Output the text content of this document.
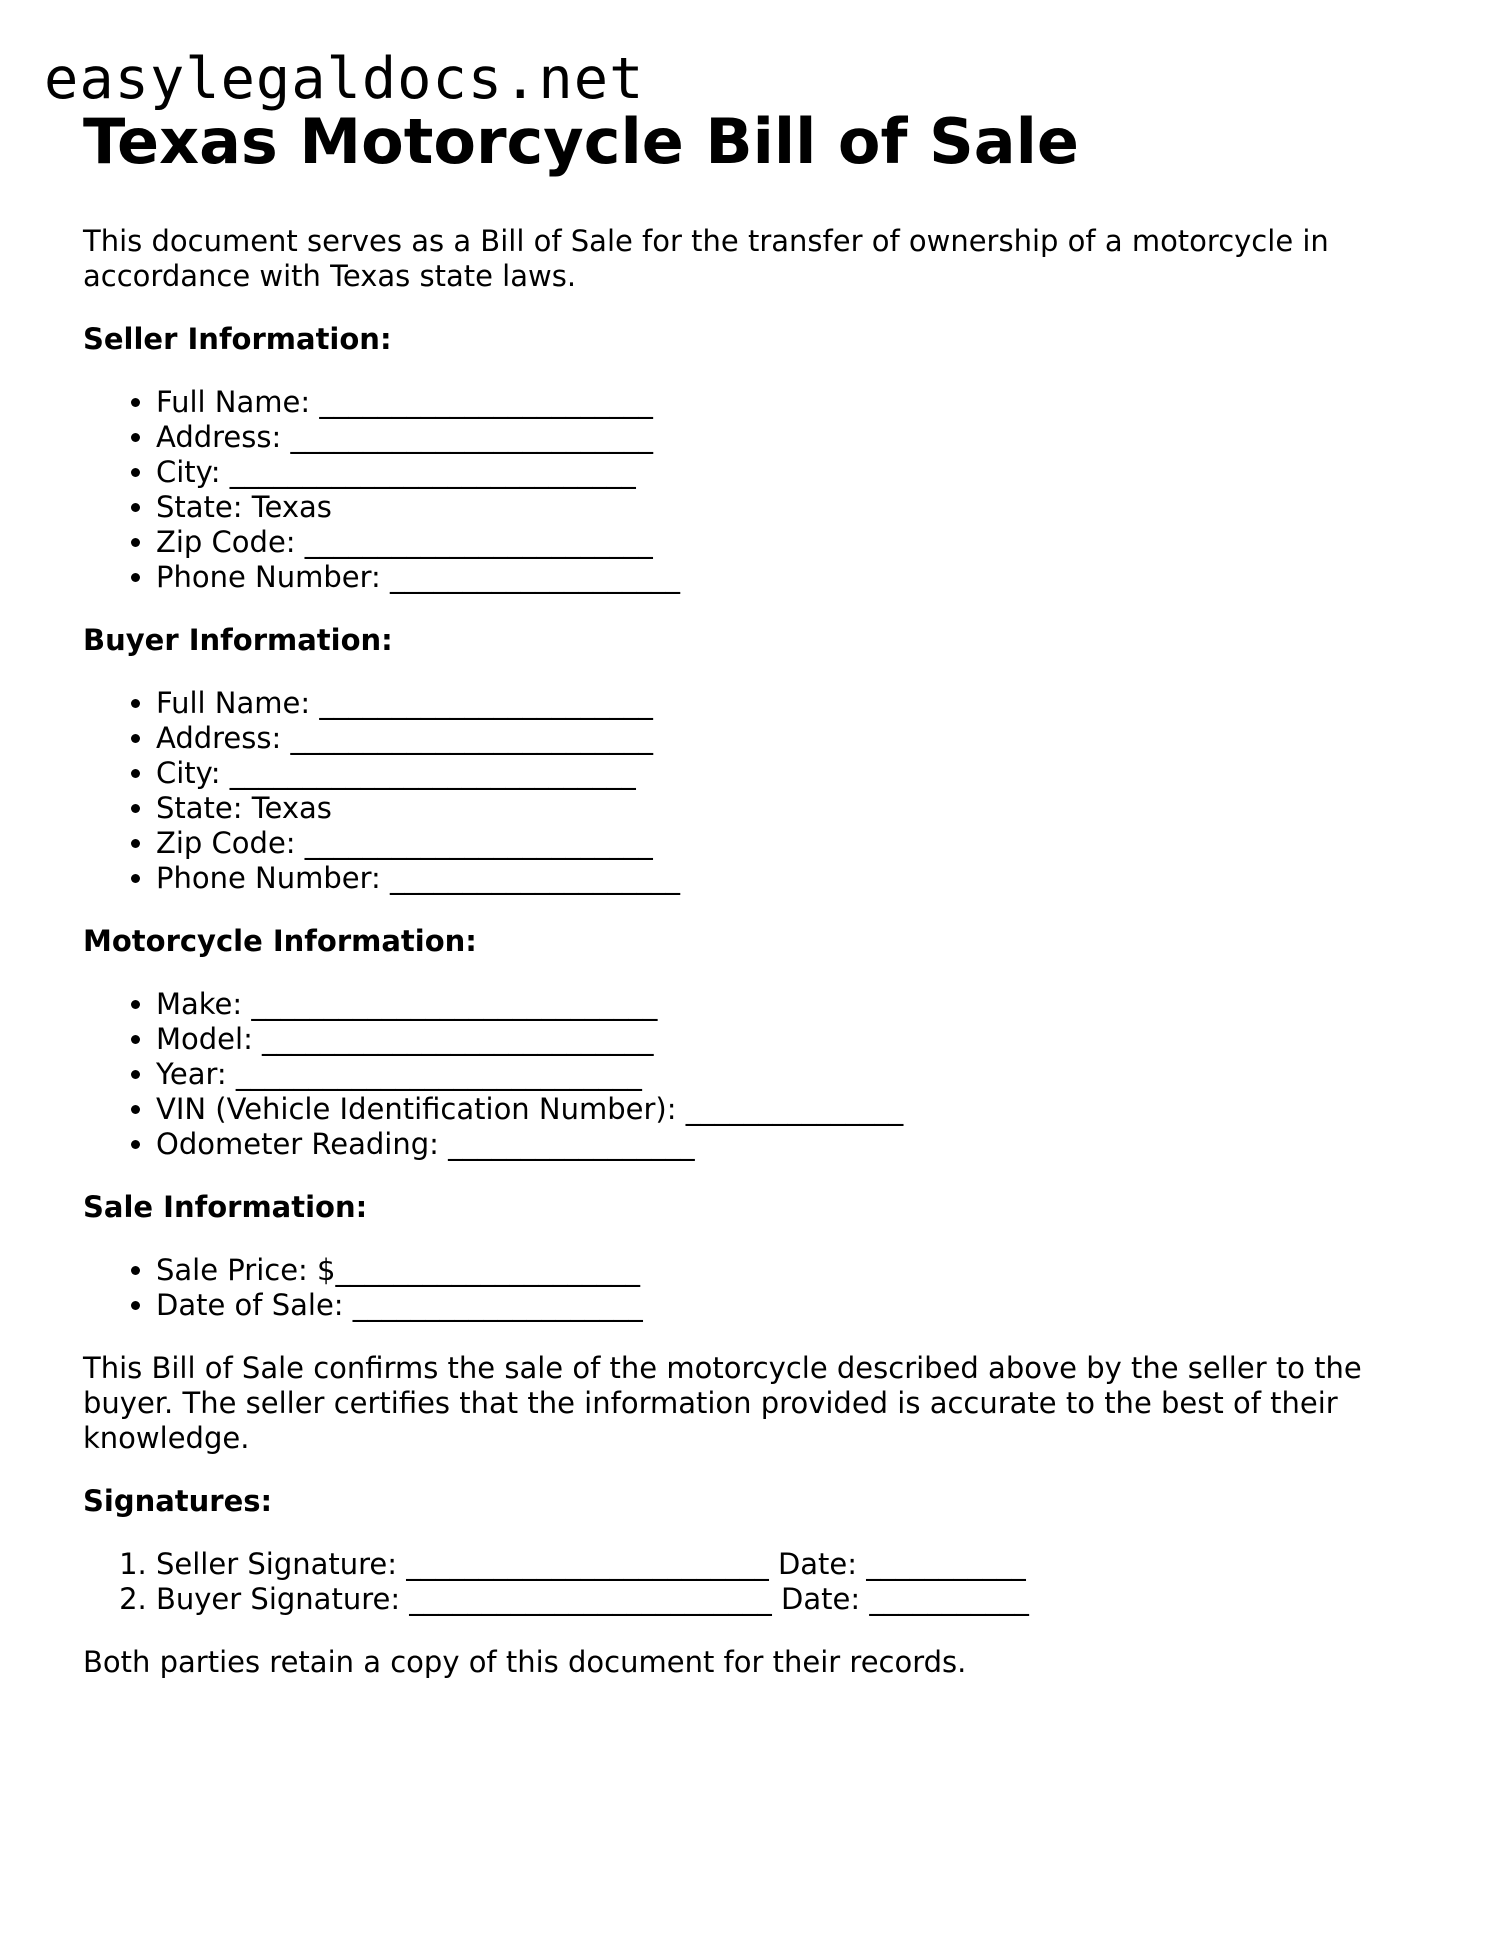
easylegaldocs.net
Texas Motorcycle Bill of Sale

This document serves as a Bill of Sale for the transfer of ownership of a motorcycle in accordance with Texas state laws.

Seller Information:
• Full Name: _______________________
• Address: _________________________
• City: ____________________________
• State: Texas
• Zip Code: ________________________
• Phone Number: ____________________
Buyer Information:
• Full Name: _______________________
• Address: _________________________
• City: ____________________________
• State: Texas
• Zip Code: ________________________
• Phone Number: ____________________
Motorcycle Information:
• Make: ____________________________
• Model: ___________________________
• Year: ____________________________
• VIN (Vehicle Identification Number): _______________
• Odometer Reading: _________________
Sale Information:
• Sale Price: $_____________________
• Date of Sale: ____________________

This Bill of Sale confirms the sale of the motorcycle described above by the seller to the buyer. The seller certifies that the information provided is accurate to the best of their knowledge.

Signatures:
1. Seller Signature: _________________________ Date: ___________
2. Buyer Signature: _________________________ Date: ___________

Both parties retain a copy of this document for their records.
